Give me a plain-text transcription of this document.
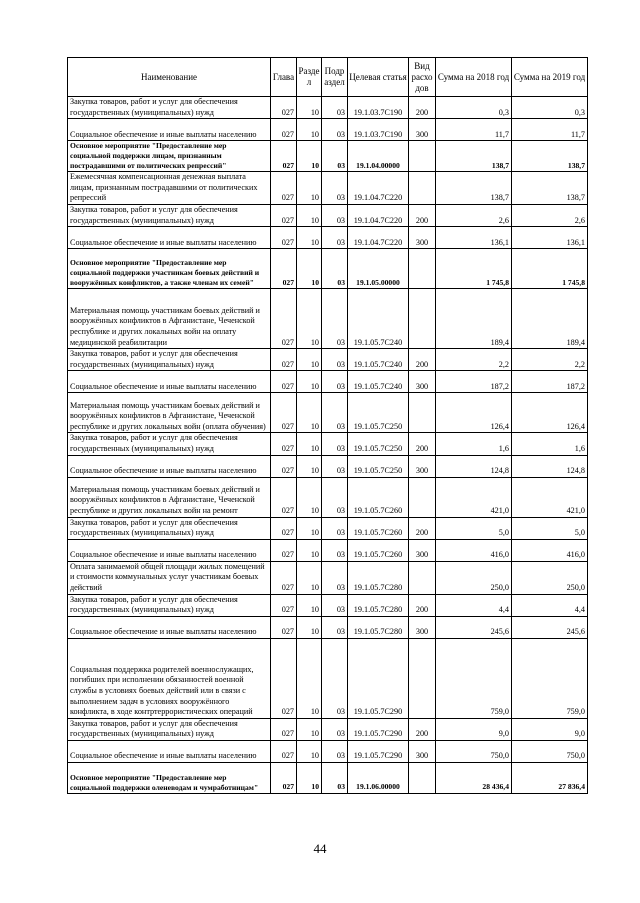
Наименование	Глава	Разде л	Подр аздел	Целевая статья	Вид расхо дов	Сумма на 2018 год	Сумма на 2019 год
Закупка товаров, работ и услуг для обеспечения государственных (муниципальных) нужд	027	10	03	19.1.03.7С190	200	0,3	0,3
Социальное обеспечение и иные выплаты населению	027	10	03	19.1.03.7С190	300	11,7	11,7
Основное мероприятие "Предоставление мер социальной поддержки лицам, признанным пострадавшими от политических репрессий"	027	10	03	19.1.04.00000		138,7	138,7
Ежемесячная компенсационная денежная выплата лицам, признанным пострадавшими от политических репрессий	027	10	03	19.1.04.7С220		138,7	138,7
Закупка товаров, работ и услуг для обеспечения государственных (муниципальных) нужд	027	10	03	19.1.04.7С220	200	2,6	2,6
Социальное обеспечение и иные выплаты населению	027	10	03	19.1.04.7С220	300	136,1	136,1
Основное мероприятие "Предоставление мер социальной поддержки участникам боевых действий и вооружённых конфликтов, а также членам их семей"	027	10	03	19.1.05.00000		1 745,8	1 745,8
Материальная помощь участникам боевых действий и вооружённых конфликтов в Афганистане, Чеченской республике и других локальных войн на оплату медицинской реабилитации	027	10	03	19.1.05.7С240		189,4	189,4
Закупка товаров, работ и услуг для обеспечения государственных (муниципальных) нужд	027	10	03	19.1.05.7С240	200	2,2	2,2
Социальное обеспечение и иные выплаты населению	027	10	03	19.1.05.7С240	300	187,2	187,2
Материальная помощь участникам боевых действий и вооружённых конфликтов в Афганистане, Чеченской республике и других локальных войн (оплата обучения)	027	10	03	19.1.05.7С250		126,4	126,4
Закупка товаров, работ и услуг для обеспечения государственных (муниципальных) нужд	027	10	03	19.1.05.7С250	200	1,6	1,6
Социальное обеспечение и иные выплаты населению	027	10	03	19.1.05.7С250	300	124,8	124,8
Материальная помощь участникам боевых действий и вооружённых конфликтов в Афганистане, Чеченской республике и других локальных войн на ремонт	027	10	03	19.1.05.7С260		421,0	421,0
Закупка товаров, работ и услуг для обеспечения государственных (муниципальных) нужд	027	10	03	19.1.05.7С260	200	5,0	5,0
Социальное обеспечение и иные выплаты населению	027	10	03	19.1.05.7С260	300	416,0	416,0
Оплата занимаемой общей площади жилых помещений и стоимости коммунальных услуг участникам боевых действий	027	10	03	19.1.05.7С280		250,0	250,0
Закупка товаров, работ и услуг для обеспечения государственных (муниципальных) нужд	027	10	03	19.1.05.7С280	200	4,4	4,4
Социальное обеспечение и иные выплаты населению	027	10	03	19.1.05.7С280	300	245,6	245,6
Социальная поддержка родителей военнослужащих, погибших при исполнении обязанностей военной службы в условиях боевых действий или в связи с выполнением задач в условиях вооружённого конфликта, в ходе контртеррористических операций	027	10	03	19.1.05.7С290		759,0	759,0
Закупка товаров, работ и услуг для обеспечения государственных (муниципальных) нужд	027	10	03	19.1.05.7С290	200	9,0	9,0
Социальное обеспечение и иные выплаты населению	027	10	03	19.1.05.7С290	300	750,0	750,0
Основное мероприятие "Предоставление мер социальной поддержки оленеводам и чумработницам"	027	10	03	19.1.06.00000		28 436,4	27 836,4
44
